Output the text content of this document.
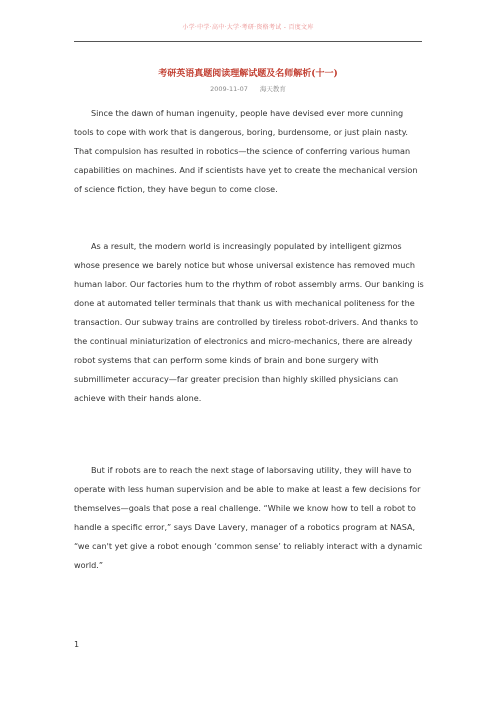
小学·中学·高中·大学·考研·资格考试 - 百度文库
考研英语真题阅读理解试题及名师解析(十一)
2009-11-07 海天教育

Since the dawn of human ingenuity, people have devised ever more cunning tools to cope with work that is dangerous, boring, burdensome, or just plain nasty. That compulsion has resulted in robotics—the science of conferring various human capabilities on machines. And if scientists have yet to create the mechanical version of science fiction, they have begun to come close.

As a result, the modern world is increasingly populated by intelligent gizmos whose presence we barely notice but whose universal existence has removed much human labor. Our factories hum to the rhythm of robot assembly arms. Our banking is done at automated teller terminals that thank us with mechanical politeness for the transaction. Our subway trains are controlled by tireless robot-drivers. And thanks to the continual miniaturization of electronics and micro-mechanics, there are already robot systems that can perform some kinds of brain and bone surgery with submillimeter accuracy—far greater precision than highly skilled physicians can achieve with their hands alone.

But if robots are to reach the next stage of laborsaving utility, they will have to operate with less human supervision and be able to make at least a few decisions for themselves—goals that pose a real challenge. “While we know how to tell a robot to handle a specific error,” says Dave Lavery, manager of a robotics program at NASA, “we can't yet give a robot enough ‘common sense’ to reliably interact with a dynamic world.”

1
